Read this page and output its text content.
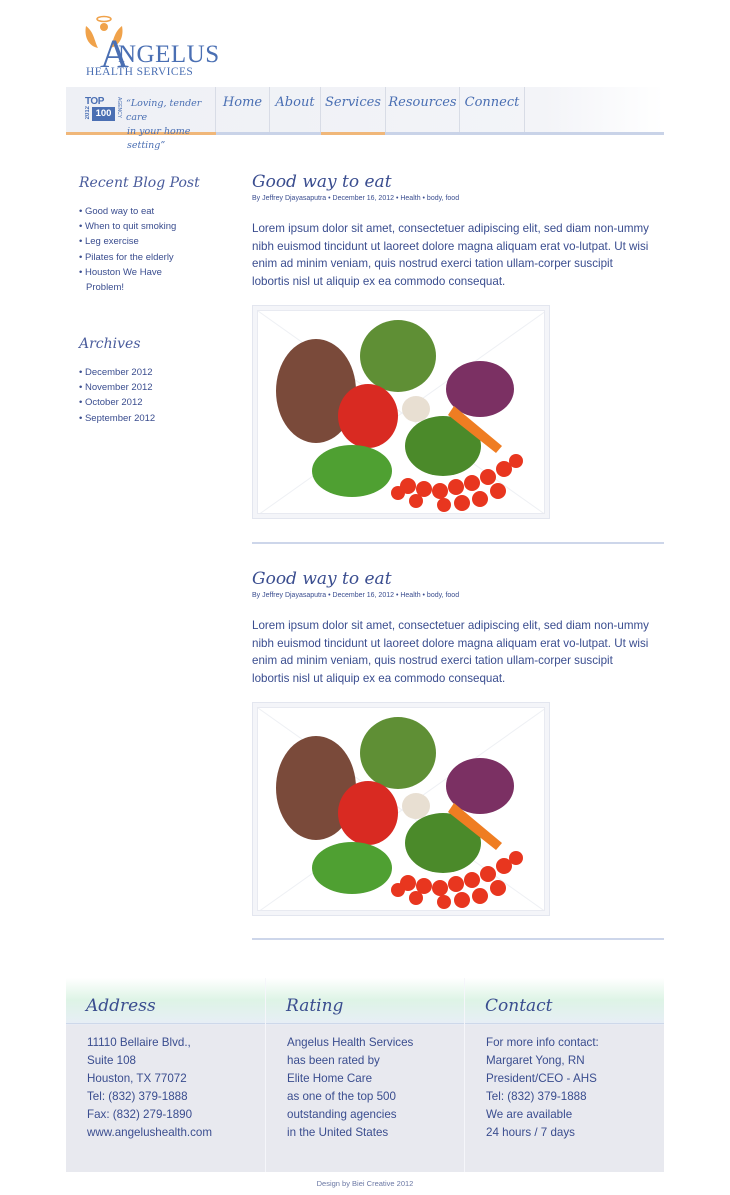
A
NGELUS
HEALTH SERVICES
TOP
2012 100 AGENCY “Loving, tender care
in your home setting”
Home	About Services Resources Connect
Recent Blog Post
• Good way to eat
• When to quit smoking
• Leg exercise
• Pilates for the elderly
• Houston We Have Problem!
Archives
• December 2012
• November 2012
• October 2012
• September 2012
Good way to eat
By Jeffrey Djayasaputra • December 16, 2012 • Health • body, food
Lorem ipsum dolor sit amet, consectetuer adipiscing elit, sed diam non-ummy nibh euismod tincidunt ut laoreet dolore magna aliquam erat vo-lutpat. Ut wisi enim ad minim veniam, quis nostrud exerci tation ullam-corper suscipit lobortis nisl ut aliquip ex ea commodo consequat.
Good way to eat
By Jeffrey Djayasaputra • December 16, 2012 • Health • body, food
Lorem ipsum dolor sit amet, consectetuer adipiscing elit, sed diam non-ummy nibh euismod tincidunt ut laoreet dolore magna aliquam erat vo-lutpat. Ut wisi enim ad minim veniam, quis nostrud exerci tation ullam-corper suscipit lobortis nisl ut aliquip ex ea commodo consequat.
Address
11110 Bellaire Blvd.,
Suite 108
Houston, TX 77072
Tel: (832) 379-1888
Fax: (832) 279-1890
www.angelushealth.com
Rating
Angelus Health Services
has been rated by
Elite Home Care
as one of the top 500
outstanding agencies
in the United States
Contact
For more info contact:
Margaret Yong, RN
President/CEO - AHS
Tel: (832) 379-1888
We are available
24 hours / 7 days
Design by Biei Creative 2012
